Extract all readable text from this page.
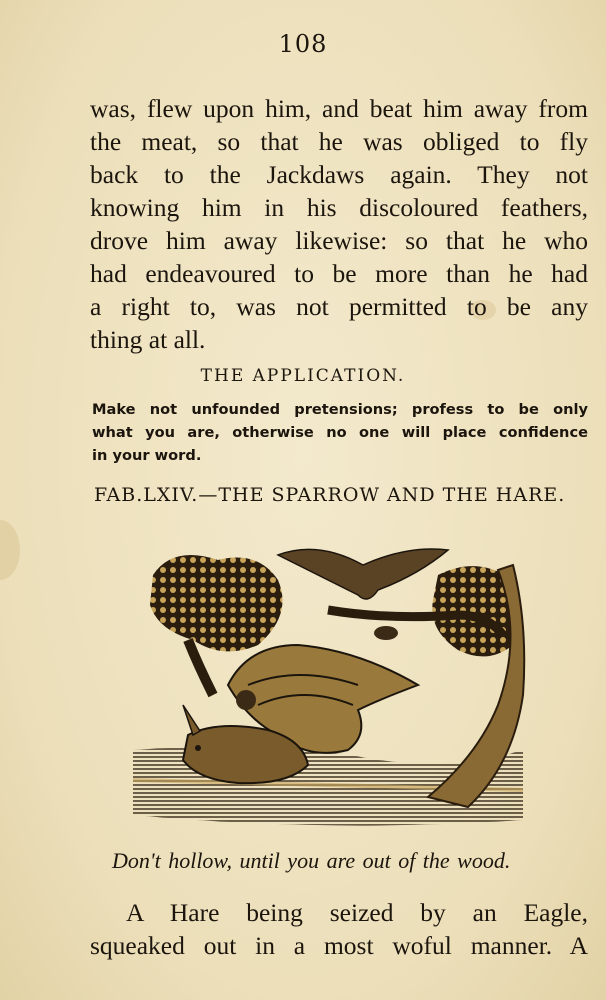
108
was, flew upon him, and beat him away from
the meat, so that he was obliged to fly
back to the Jackdaws again. They not
knowing him in his discoloured feathers,
drove him away likewise: so that he who
had endeavoured to be more than he had
a right to, was not permitted to be any
thing at all.
THE APPLICATION.
Make not unfounded pretensions; profess to be only
what you are, otherwise no one will place confidence
in your word.
FAB.LXIV.—THE SPARROW AND THE HARE.
Don't hollow, until you are out of the wood.
A Hare being seized by an Eagle,
squeaked out in a most woful manner. A
